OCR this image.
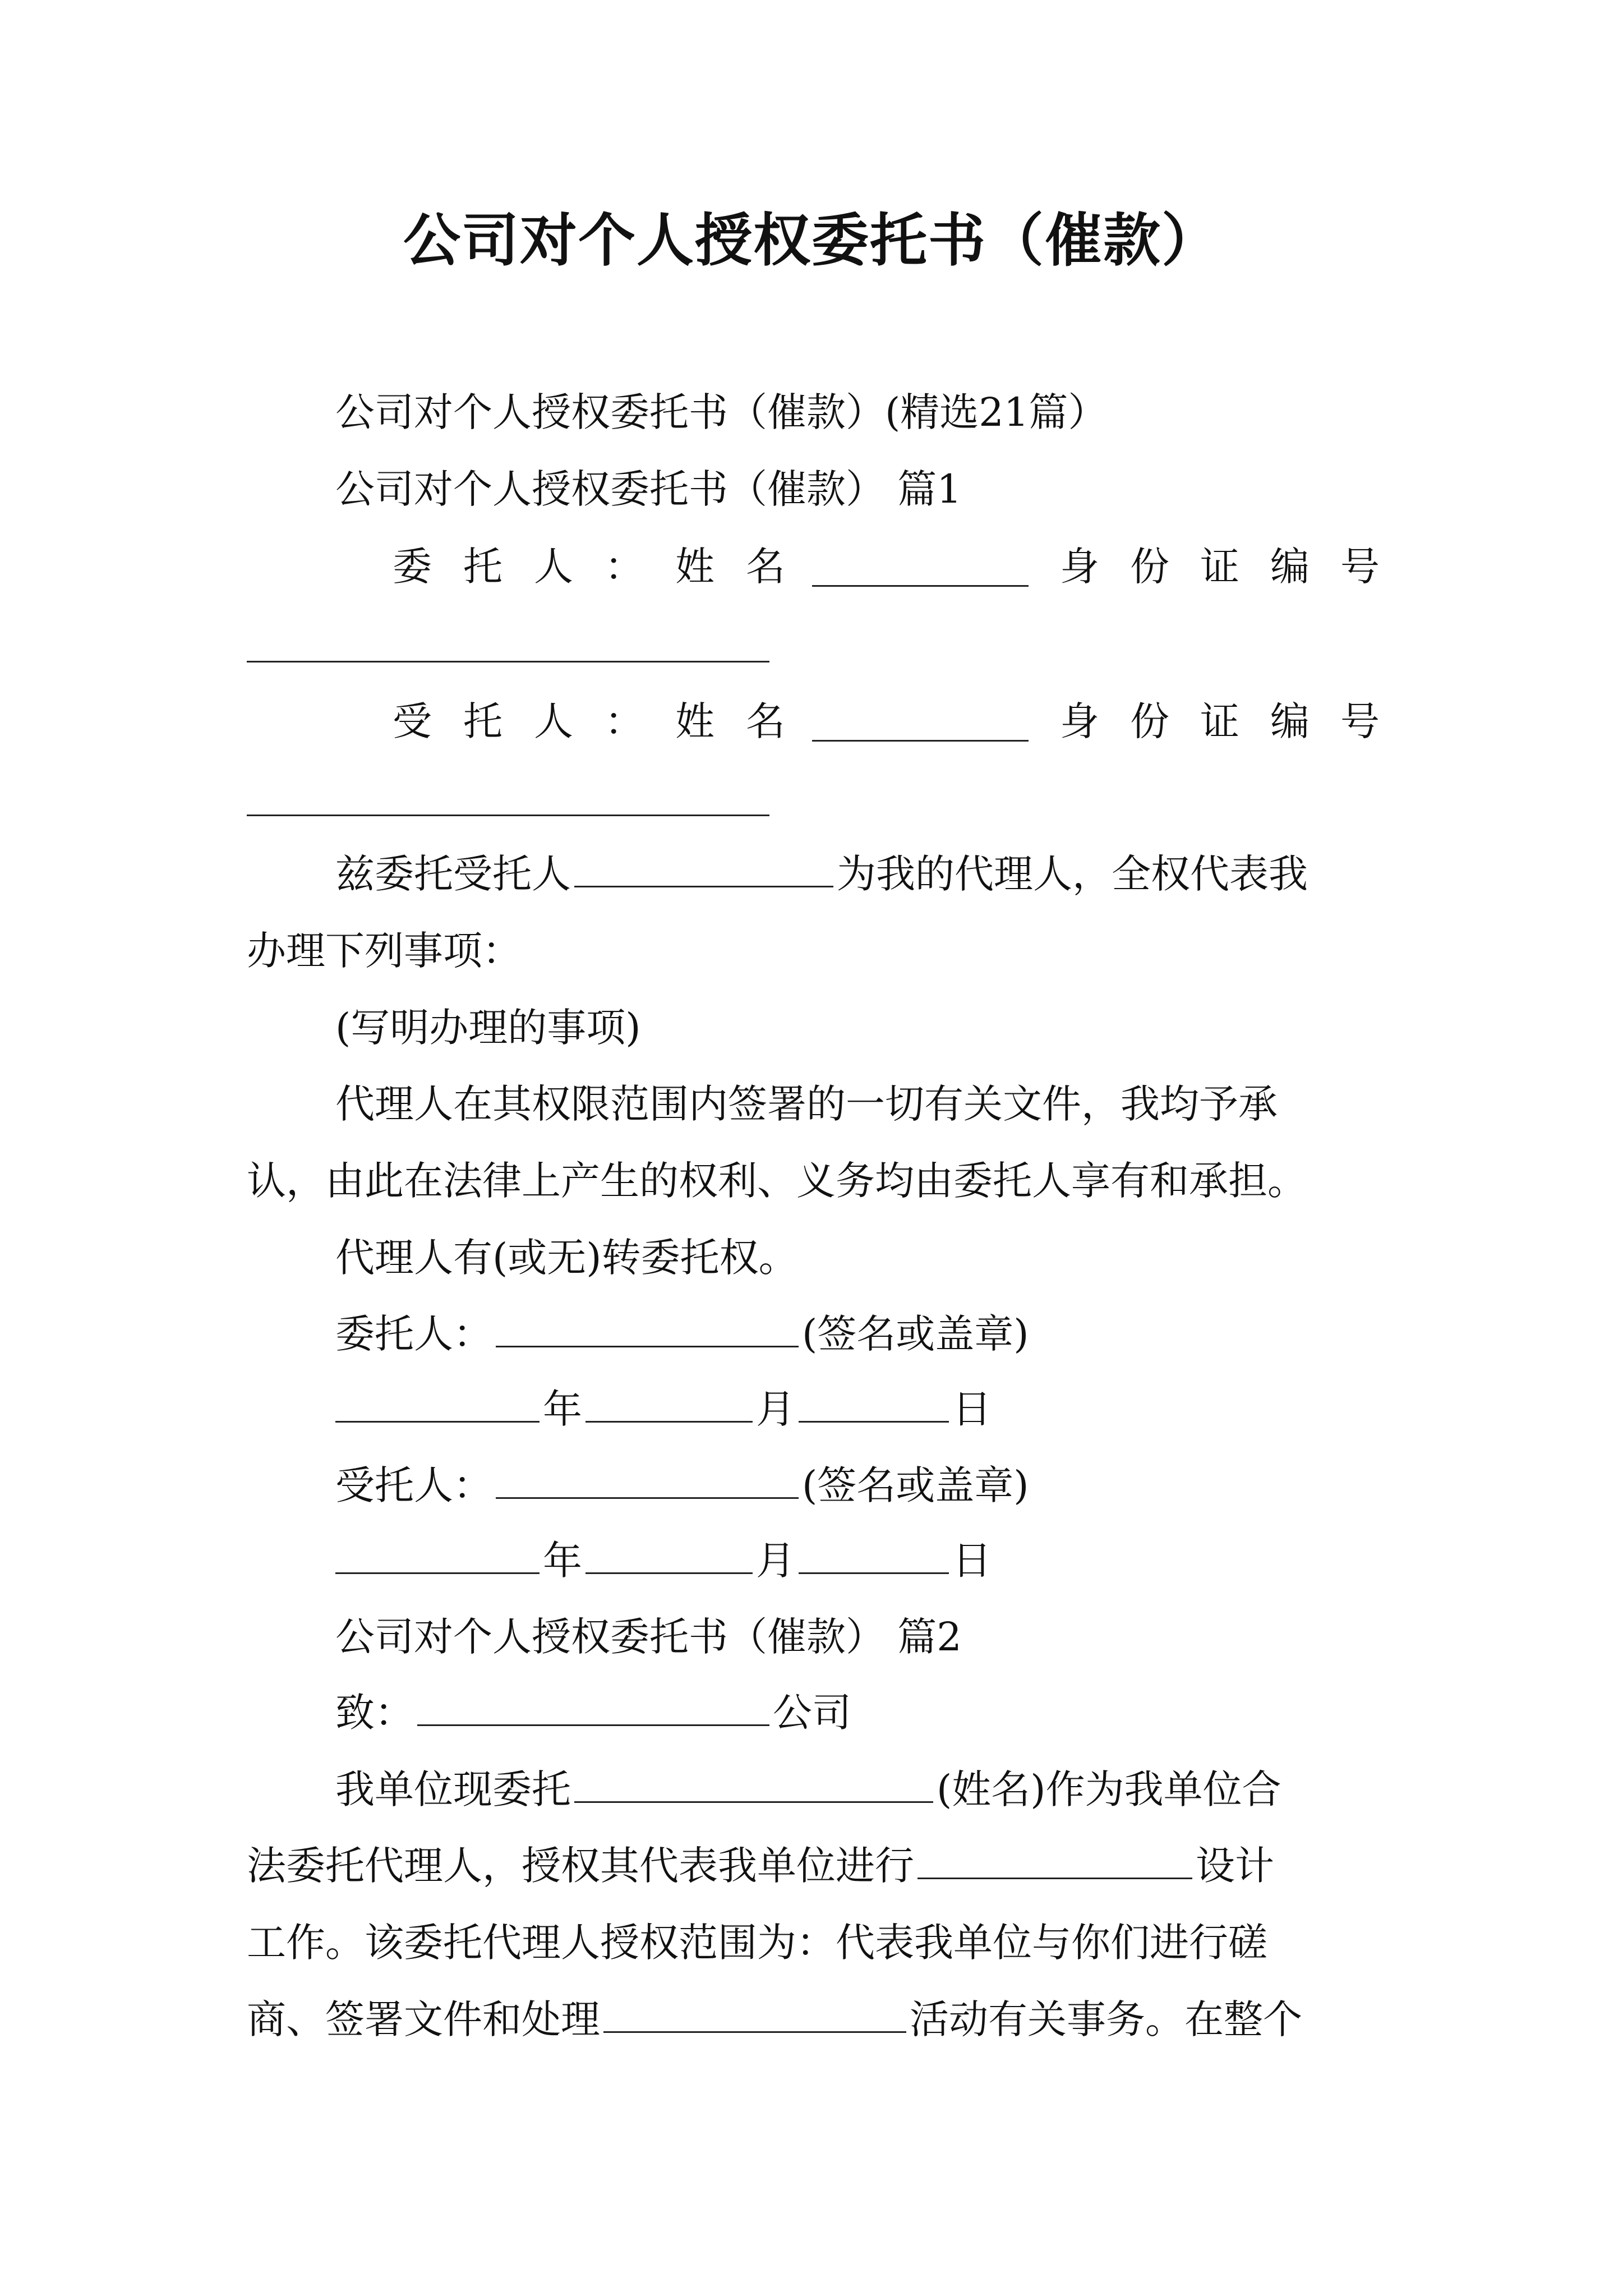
公司对个人授权委托书（催款）
公司对个人授权委托书（催款）(精选21篇）
公司对个人授权委托书（催款） 篇1
委 托 人 ： 姓 名	身 份 证 编 号
受 托 人 ： 姓 名	身 份 证 编 号
兹委托受托人	为我的代理人，全权代表我
办理下列事项：
(写明办理的事项)
代理人在其权限范围内签署的一切有关文件，我均予承
认，由此在法律上产生的权利、义务均由委托人享有和承担。
代理人有(或无)转委托权。
委托人：	(签名或盖章)
年	月	日
受托人：	(签名或盖章)
年	月	日
公司对个人授权委托书（催款） 篇2
致：	公司
我单位现委托	(姓名)作为我单位合
法委托代理人，授权其代表我单位进行	设计
工作。该委托代理人授权范围为：代表我单位与你们进行磋
商、签署文件和处理	活动有关事务。在整个
